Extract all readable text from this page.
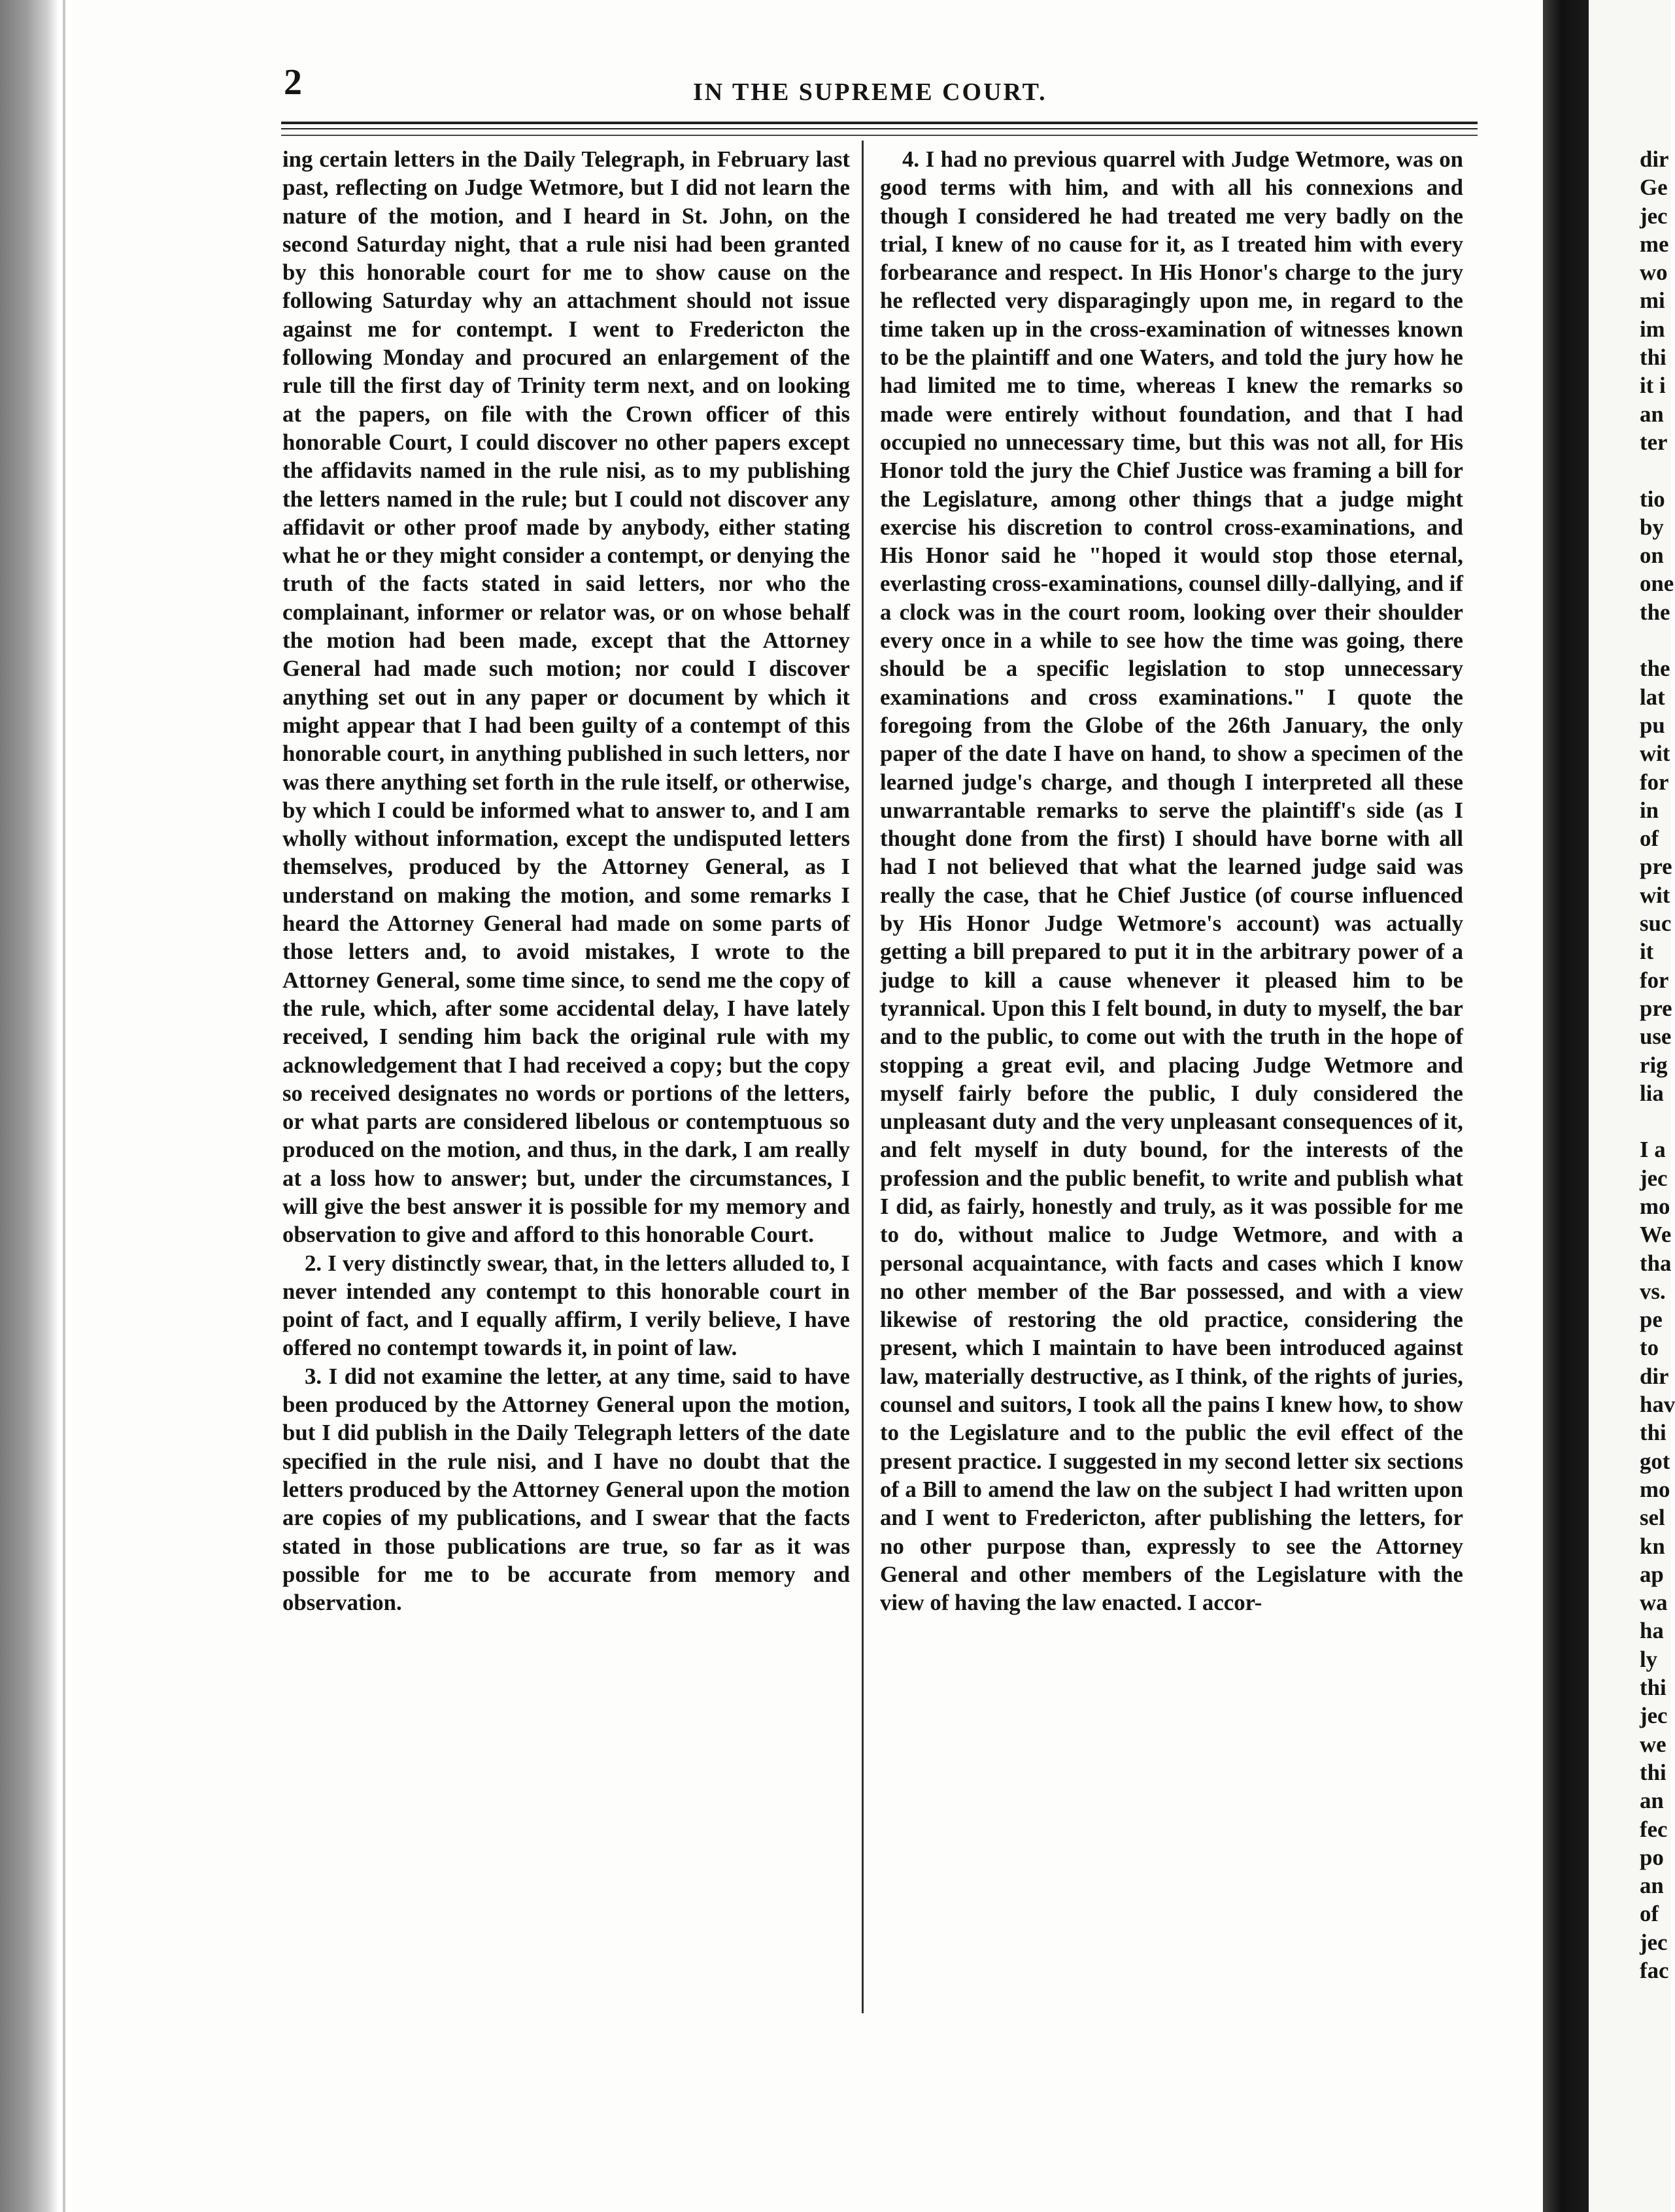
2	IN THE SUPREME COURT.

ing certain letters in the Daily Telegraph, in February last past, reflecting on Judge Wetmore, but I did not learn the nature of the motion, and I heard in St. John, on the second Saturday night, that a rule nisi had been granted by this honorable court for me to show cause on the following Saturday why an attachment should not issue against me for contempt. I went to Fredericton the following Monday and procured an enlargement of the rule till the first day of Trinity term next, and on looking at the papers, on file with the Crown officer of this honorable Court, I could discover no other papers except the affidavits named in the rule nisi, as to my publishing the letters named in the rule; but I could not discover any affidavit or other proof made by anybody, either stating what he or they might consider a contempt, or denying the truth of the facts stated in said letters, nor who the complainant, informer or relator was, or on whose behalf the motion had been made, except that the Attorney General had made such motion; nor could I discover anything set out in any paper or document by which it might appear that I had been guilty of a contempt of this honorable court, in anything published in such letters, nor was there anything set forth in the rule itself, or otherwise, by which I could be informed what to answer to, and I am wholly without information, except the undisputed letters themselves, produced by the Attorney General, as I understand on making the motion, and some remarks I heard the Attorney General had made on some parts of those letters and, to avoid mistakes, I wrote to the Attorney General, some time since, to send me the copy of the rule, which, after some accidental delay, I have lately received, I sending him back the original rule with my acknowledgement that I had received a copy; but the copy so received designates no words or portions of the letters, or what parts are considered libelous or contemptuous so produced on the motion, and thus, in the dark, I am really at a loss how to answer; but, under the circumstances, I will give the best answer it is possible for my memory and observation to give and afford to this honorable Court.

2. I very distinctly swear, that, in the letters alluded to, I never intended any contempt to this honorable court in point of fact, and I equally affirm, I verily believe, I have offered no contempt towards it, in point of law.

3. I did not examine the letter, at any time, said to have been produced by the Attorney General upon the motion, but I did publish in the Daily Telegraph letters of the date specified in the rule nisi, and I have no doubt that the letters produced by the Attorney General upon the motion are copies of my publications, and I swear that the facts stated in those publications are true, so far as it was possible for me to be accurate from memory and observation.

4. I had no previous quarrel with Judge Wetmore, was on good terms with him, and with all his connexions and though I considered he had treated me very badly on the trial, I knew of no cause for it, as I treated him with every forbearance and respect. In His Honor's charge to the jury he reflected very disparagingly upon me, in regard to the time taken up in the cross-examination of witnesses known to be the plaintiff and one Waters, and told the jury how he had limited me to time, whereas I knew the remarks so made were entirely without foundation, and that I had occupied no unnecessary time, but this was not all, for His Honor told the jury the Chief Justice was framing a bill for the Legislature, among other things that a judge might exercise his discretion to control cross-examinations, and His Honor said he "hoped it would stop those eternal, everlasting cross-examinations, counsel dilly-dallying, and if a clock was in the court room, looking over their shoulder every once in a while to see how the time was going, there should be a specific legislation to stop unnecessary examinations and cross examinations." I quote the foregoing from the Globe of the 26th January, the only paper of the date I have on hand, to show a specimen of the learned judge's charge, and though I interpreted all these unwarrantable remarks to serve the plaintiff's side (as I thought done from the first) I should have borne with all had I not believed that what the learned judge said was really the case, that he Chief Justice (of course influenced by His Honor Judge Wetmore's account) was actually getting a bill prepared to put it in the arbitrary power of a judge to kill a cause whenever it pleased him to be tyrannical. Upon this I felt bound, in duty to myself, the bar and to the public, to come out with the truth in the hope of stopping a great evil, and placing Judge Wetmore and myself fairly before the public, I duly considered the unpleasant duty and the very unpleasant consequences of it, and felt myself in duty bound, for the interests of the profession and the public benefit, to write and publish what I did, as fairly, honestly and truly, as it was possible for me to do, without malice to Judge Wetmore, and with a personal acquaintance, with facts and cases which I know no other member of the Bar possessed, and with a view likewise of restoring the old practice, considering the present, which I maintain to have been introduced against law, materially destructive, as I think, of the rights of juries, counsel and suitors, I took all the pains I knew how, to show to the Legislature and to the public the evil effect of the present practice. I suggested in my second letter six sections of a Bill to amend the law on the subject I had written upon and I went to Fredericton, after publishing the letters, for no other purpose than, expressly to see the Attorney General and other members of the Legislature with the view of having the law enacted. I accor-

dir
Ge
jec
me
wo
mi
im
thi
it i
an
ter
tio
by
on
one
the
the
lat
pu
wit
for
in
of
pre
wit
suc
it
for
pre
use
rig
lia
I a
jec
mo
We
tha
vs.
pe
to
dir
hav
thi
got
mo
sel
kn
ap
wa
ha
ly
thi
jec
we
thi
an
fec
po
an
of
jec
fac
